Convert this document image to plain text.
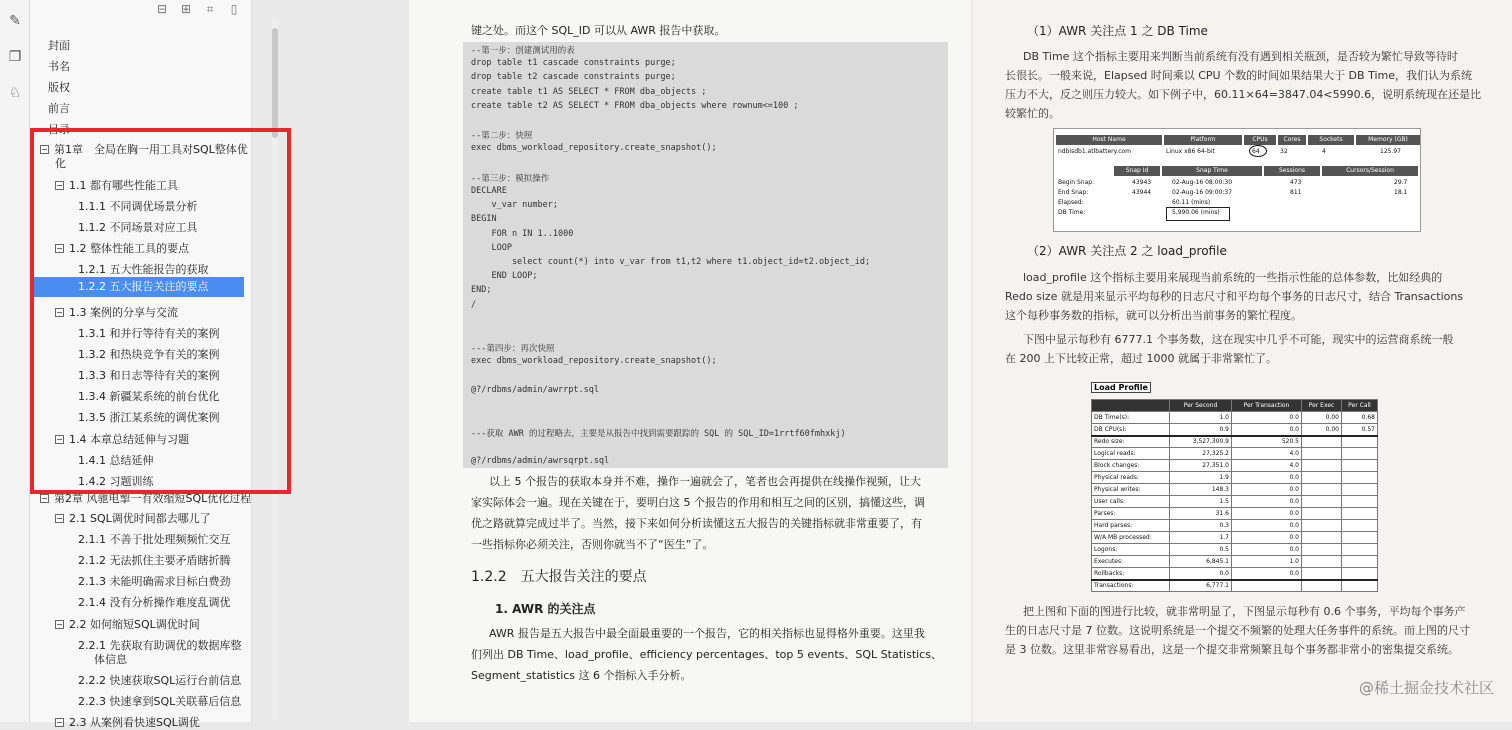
✎
❐
♘
⊟ ⊞	⌗	▯
封面
书名
版权
前言
目录
− 第1章　全局在胸一用工具对SQL整体优
化
− 1.1 都有哪些性能工具
1.1.1 不同调优场景分析
1.1.2 不同场景对应工具
− 1.2 整体性能工具的要点
1.2.1 五大性能报告的获取
1.2.2 五大报告关注的要点
− 1.3 案例的分享与交流
1.3.1 和并行等待有关的案例
1.3.2 和热块竞争有关的案例
1.3.3 和日志等待有关的案例
1.3.4 新疆某系统的前台优化
1.3.5 浙江某系统的调优案例
− 1.4 本章总结延伸与习题
1.4.1 总结延伸
1.4.2 习题训练
− 第2章 风驰电掣一有效缩短SQL优化过程
− 2.1 SQL调优时间都去哪儿了
2.1.1 不善于批处理频频忙交互
2.1.2 无法抓住主要矛盾瞎折腾
2.1.3 未能明确需求目标白费劲
2.1.4 没有分析操作难度乱调优
− 2.2 如何缩短SQL调优时间
2.2.1 先获取有助调优的数据库整
体信息
2.2.2 快速获取SQL运行台前信息
2.2.3 快速拿到SQL关联幕后信息
− 2.3 从案例看快速SQL调优
键之处。而这个 SQL_ID 可以从 AWR 报告中获取。
--第一步：创建测试用的表
drop table t1 cascade constraints purge;
drop table t2 cascade constraints purge;
create table t1 AS SELECT * FROM dba_objects ;
create table t2 AS SELECT * FROM dba_objects where rownum<=100 ;
--第二步：快照
exec dbms_workload_repository.create_snapshot();
--第三步：模拟操作
DECLARE
v_var number;
BEGIN
FOR n IN 1..1000
LOOP
select count(*) into v_var from t1,t2 where t1.object_id=t2.object_id;
END LOOP;
END;
/
---第四步：再次快照
exec dbms_workload_repository.create_snapshot();
@?/rdbms/admin/awrrpt.sql
---获取 AWR 的过程略去，主要是从报告中找到需要跟踪的 SQL 的 SQL_ID=1rrtf60fmhxkj)
@?/rdbms/admin/awrsqrpt.sql
以上 5 个报告的获取本身并不难，操作一遍就会了，笔者也会再提供在线操作视频，让大
家实际体会一遍。现在关键在于，要明白这 5 个报告的作用和相互之间的区别，搞懂这些，调
优之路就算完成过半了。当然，接下来如何分析读懂这五大报告的关键指标就非常重要了，有
一些指标你必须关注，否则你就当不了“医生”了。
1.2.2　五大报告关注的要点
1. AWR 的关注点
AWR 报告是五大报告中最全面最重要的一个报告，它的相关指标也显得格外重要。这里我
们列出 DB Time、load_profile、efficiency percentages、top 5 events、SQL Statistics、
Segment_statistics 这 6 个指标入手分析。
（1）AWR 关注点 1 之 DB Time
DB Time 这个指标主要用来判断当前系统有没有遇到相关瓶颈，是否较为繁忙导致等待时
长很长。一般来说，Elapsed 时间乘以 CPU 个数的时间如果结果大于 DB Time，我们认为系统
压力不大，反之则压力较大。如下例子中，60.11×64=3847.04<5990.6，说明系统现在还是比
较繁忙的。
Host Name	Platform	CPUs	Cores	Sockets	Memory (GB)
ndbisdb1.atlbattery.com	Linux x86 64-bit	64	32	4	125.97
Snap Id	Snap Time	Sessions	Cursors/Session
Begin Snap:	43943	02-Aug-16 08:00:30	473	29.7
End Snap:	43944	02-Aug-16 09:00:37	811	18.1
Elapsed:	60.11 (mins)
DB Time:	5,990.06 (mins)
（2）AWR 关注点 2 之 load_profile
load_profile 这个指标主要用来展现当前系统的一些指示性能的总体参数，比如经典的
Redo size 就是用来显示平均每秒的日志尺寸和平均每个事务的日志尺寸，结合 Transactions
这个每秒事务数的指标，就可以分析出当前事务的繁忙程度。
下图中显示每秒有 6777.1 个事务数，这在现实中几乎不可能，现实中的运营商系统一般
在 200 上下比较正常，超过 1000 就属于非常繁忙了。
Load Profile
	Per Second	Per Transaction	Per Exec	Per Call
DB Time(s):	1.0	0.0	0.00	0.68
DB CPU(s):	0.9	0.0	0.00	0.57
Redo size:	3,527,300.9	520.5		
Logical reads:	27,325.2	4.0		
Block changes:	27,351.0	4.0		
Physical reads:	1.9	0.0		
Physical writes:	148.3	0.0		
User calls:	1.5	0.0		
Parses:	31.6	0.0		
Hard parses:	0.3	0.0		
W/A MB processed:	1.7	0.0		
Logons:	0.5	0.0		
Executes:	6,845.1	1.0		
Rollbacks:	0.0	0.0		
Transactions:	6,777.1			
把上图和下面的图进行比较，就非常明显了，下图显示每秒有 0.6 个事务，平均每个事务产
生的日志尺寸是 7 位数。这说明系统是一个提交不频繁的处理大任务事件的系统。而上图的尺寸
是 3 位数。这里非常容易看出，这是一个提交非常频繁且每个事务都非常小的密集提交系统。
@稀土掘金技术社区
